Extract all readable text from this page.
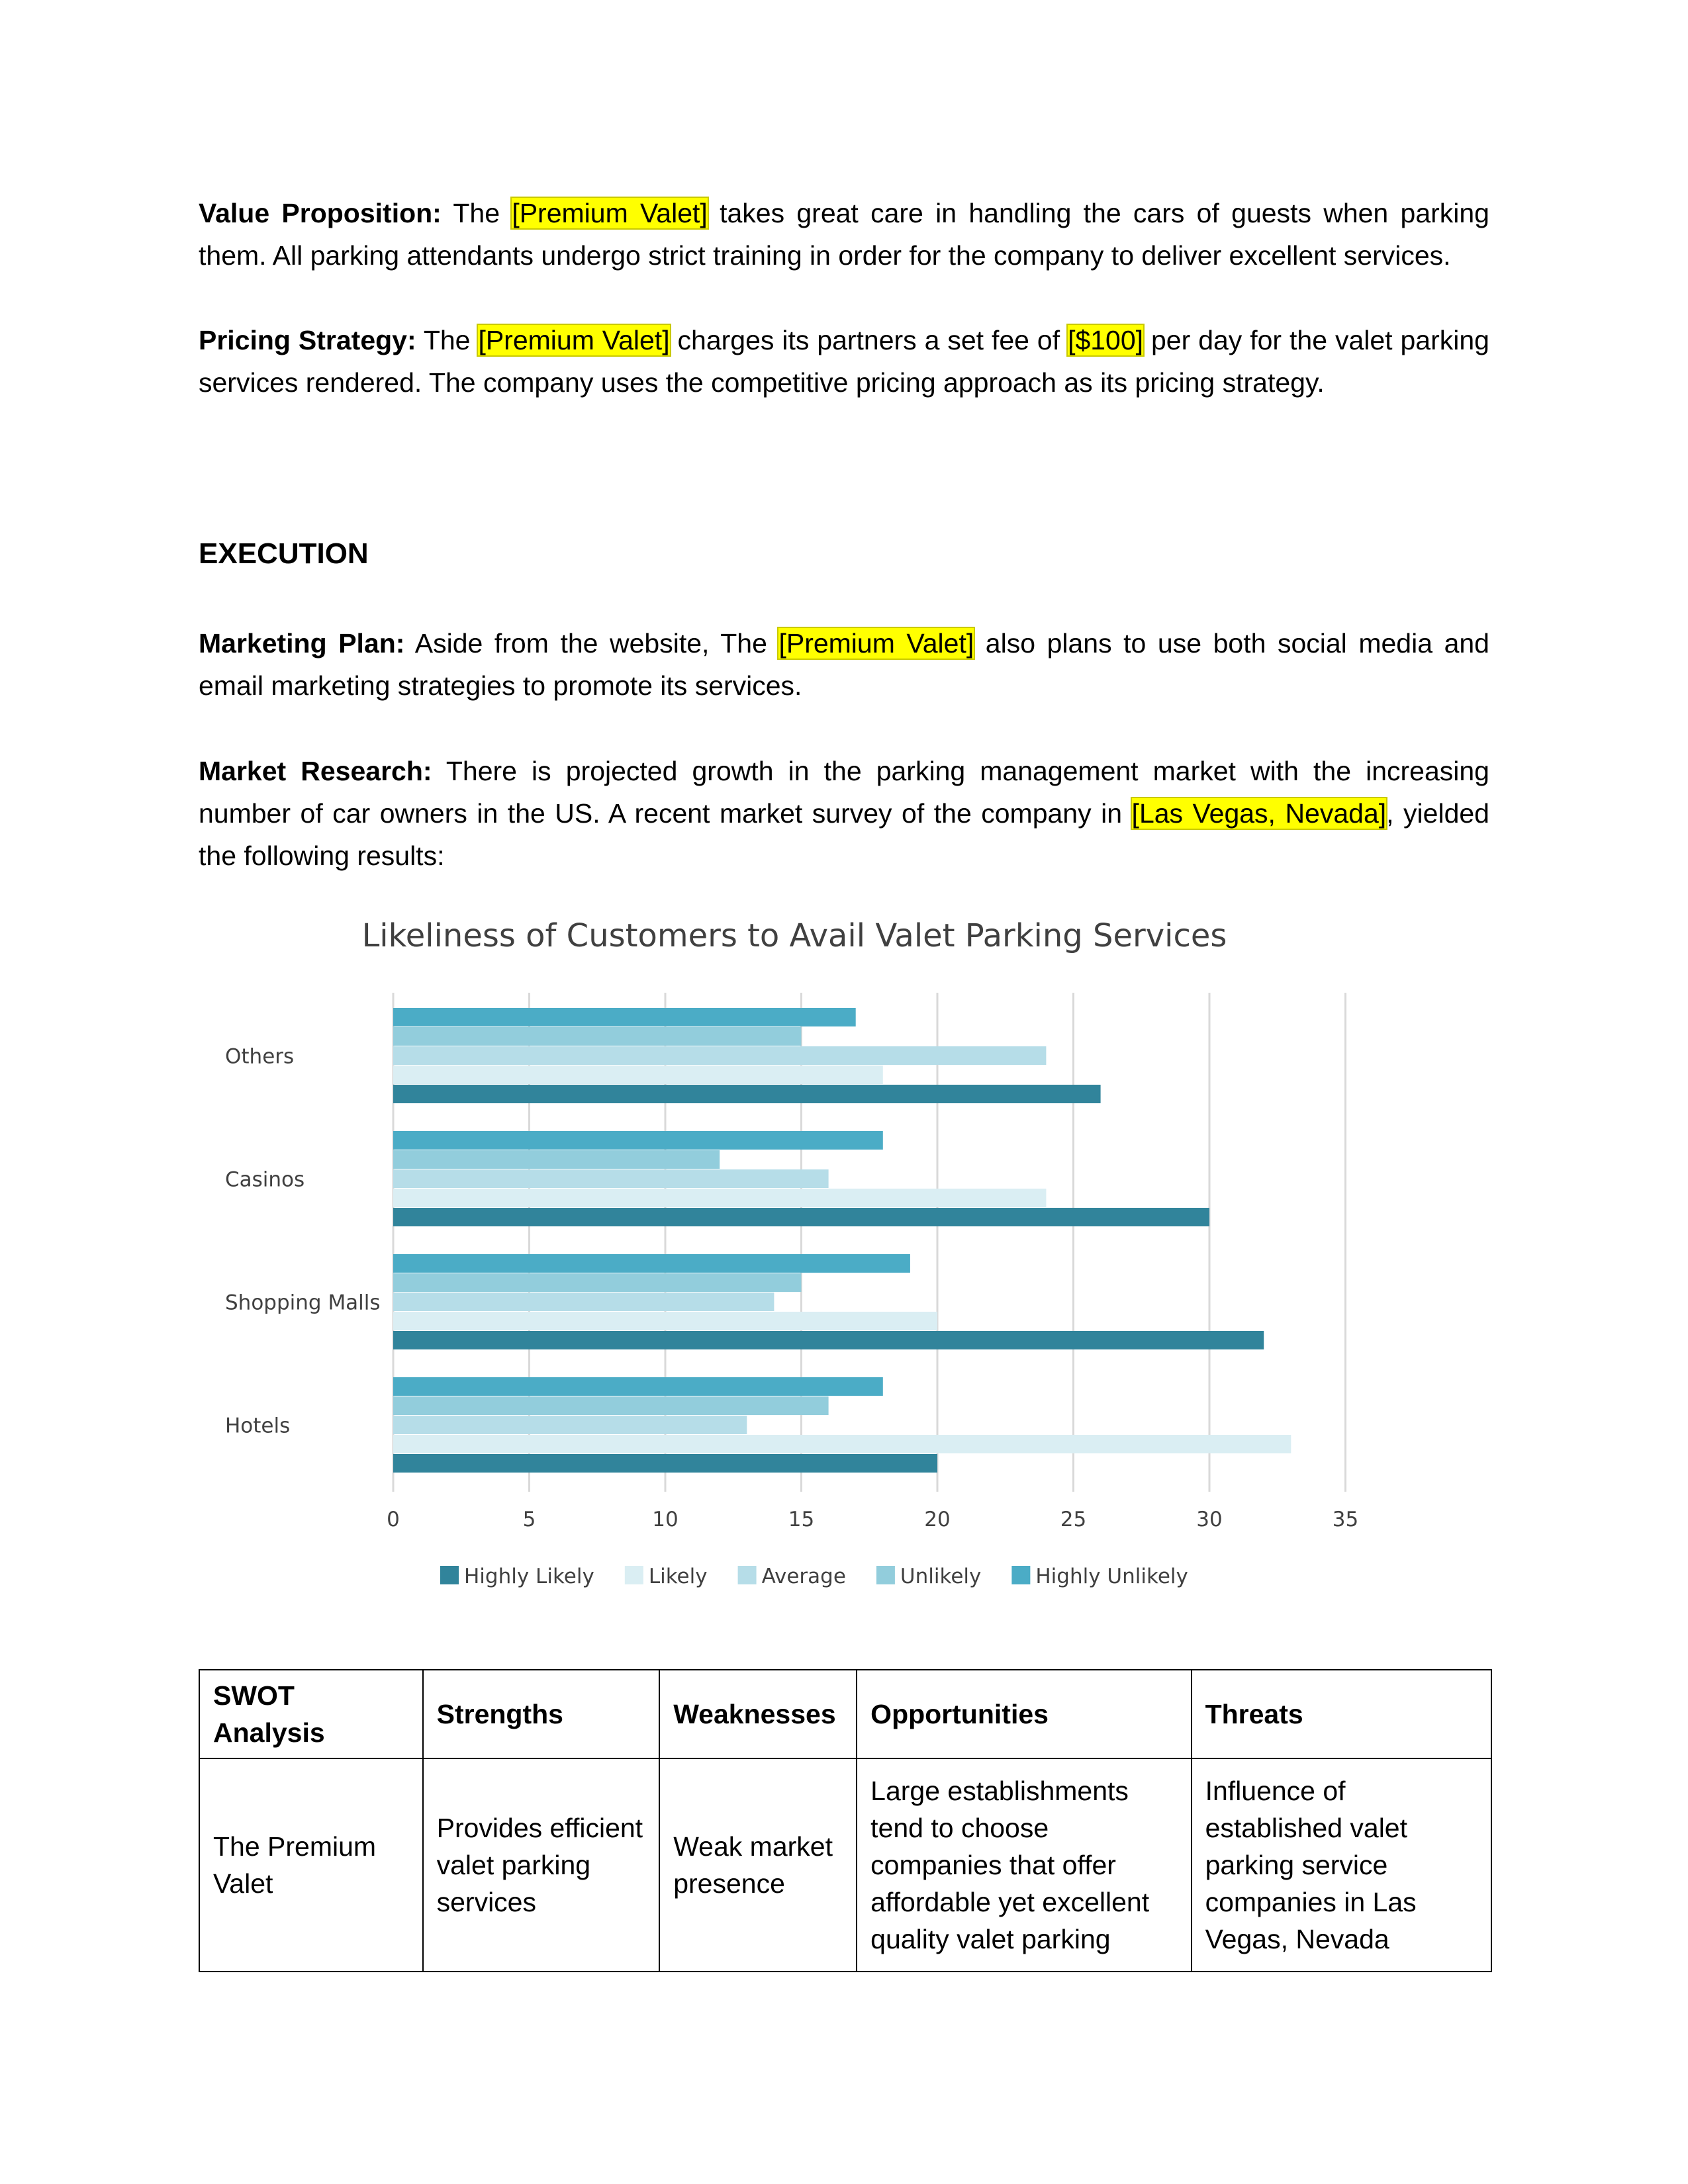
Value Proposition: The [Premium Valet] takes great care in handling the cars of guests when parking them. All parking attendants undergo strict training in order for the company to deliver excellent services.

Pricing Strategy: The [Premium Valet] charges its partners a set fee of [$100] per day for the valet parking services rendered. The company uses the competitive pricing approach as its pricing strategy.

EXECUTION

Marketing Plan: Aside from the website, The [Premium Valet] also plans to use both social media and email marketing strategies to promote its services.

Market Research: There is projected growth in the parking management market with the increasing number of car owners in the US. A recent market survey of the company in [Las Vegas, Nevada], yielded the following results:

Likeliness of Customers to Avail Valet Parking Services
0	5	10	15	20	25	30	35
Others
Casinos
Shopping Malls
Hotels
Highly Likely	Likely	Average	Unlikely	Highly Unlikely
SWOT Analysis	Strengths	Weaknesses	Opportunities	Threats
The Premium Valet	Provides efficient valet parking services	Weak market presence	Large establishments tend to choose companies that offer affordable yet excellent quality valet parking	Influence of established valet parking service companies in Las Vegas, Nevada
